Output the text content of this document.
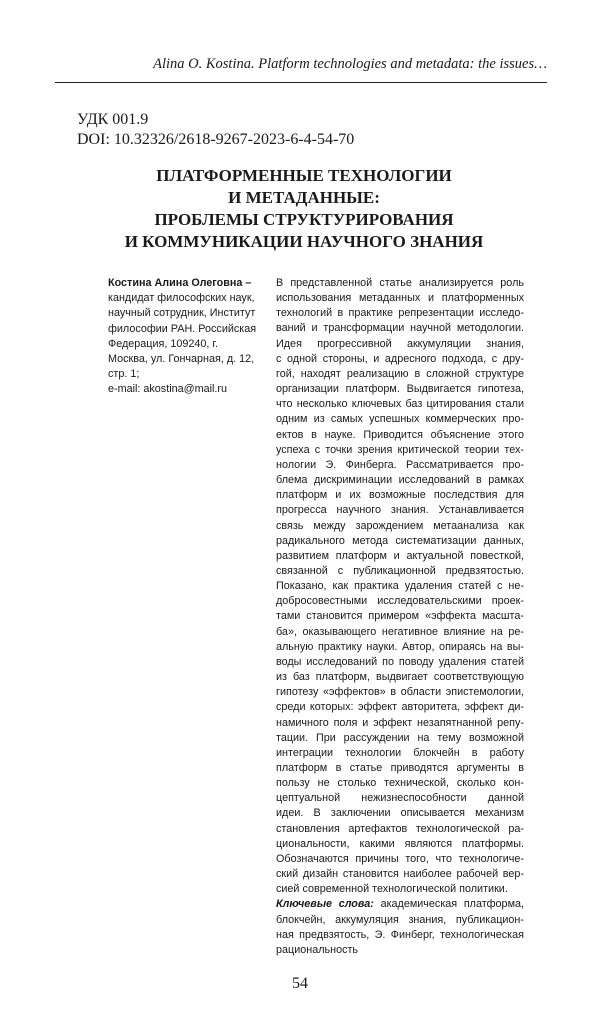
Alina O. Kostina. Platform technologies and metadata: the issues…
УДК 001.9
DOI: 10.32326/2618-9267-2023-6-4-54-70
ПЛАТФОРМЕННЫЕ ТЕХНОЛОГИИ
И МЕТАДАННЫЕ:
ПРОБЛЕМЫ СТРУКТУРИРОВАНИЯ
И КОММУНИКАЦИИ НАУЧНОГО ЗНАНИЯ
Костина Алина Олеговна –
кандидат философских наук,
научный сотрудник, Институт
философии РАН. Российская
Федерация, 109240, г.
Москва, ул. Гончарная, д. 12,
стр. 1;
e-mail: akostina@mail.ru
В представленной статье анализируется роль
использования метаданных и платформенных
технологий в практике репрезентации исследо-
ваний и трансформации научной методологии.
Идея прогрессивной аккумуляции знания,
с одной стороны, и адресного подхода, с дру-
гой, находят реализацию в сложной структуре
организации платформ. Выдвигается гипотеза,
что несколько ключевых баз цитирования стали
одним из самых успешных коммерческих про-
ектов в науке. Приводится объяснение этого
успеха с точки зрения критической теории тех-
нологии Э. Финберга. Рассматривается про-
блема дискриминации исследований в рамках
платформ и их возможные последствия для
прогресса научного знания. Устанавливается
связь между зарождением метаанализа как
радикального метода систематизации данных,
развитием платформ и актуальной повесткой,
связанной с публикационной предвзятостью.
Показано, как практика удаления статей с не-
добросовестными исследовательскими проек-
тами становится примером «эффекта масшта-
ба», оказывающего негативное влияние на ре-
альную практику науки. Автор, опираясь на вы-
воды исследований по поводу удаления статей
из баз платформ, выдвигает соответствующую
гипотезу «эффектов» в области эпистемологии,
среди которых: эффект авторитета, эффект ди-
намичного поля и эффект незапятнанной репу-
тации. При рассуждении на тему возможной
интеграции технологии блокчейн в работу
платформ в статье приводятся аргументы в
пользу не столько технической, сколько кон-
цептуальной нежизнеспособности данной
идеи. В заключении описывается механизм
становления артефактов технологической ра-
циональности, какими являются платформы.
Обозначаются причины того, что технологиче-
ский дизайн становится наиболее рабочей вер-
сией современной технологической политики.
Ключевые слова: академическая платформа,
блокчейн, аккумуляция знания, публикацион-
ная предвзятость, Э. Финберг, технологическая
рациональность
54
